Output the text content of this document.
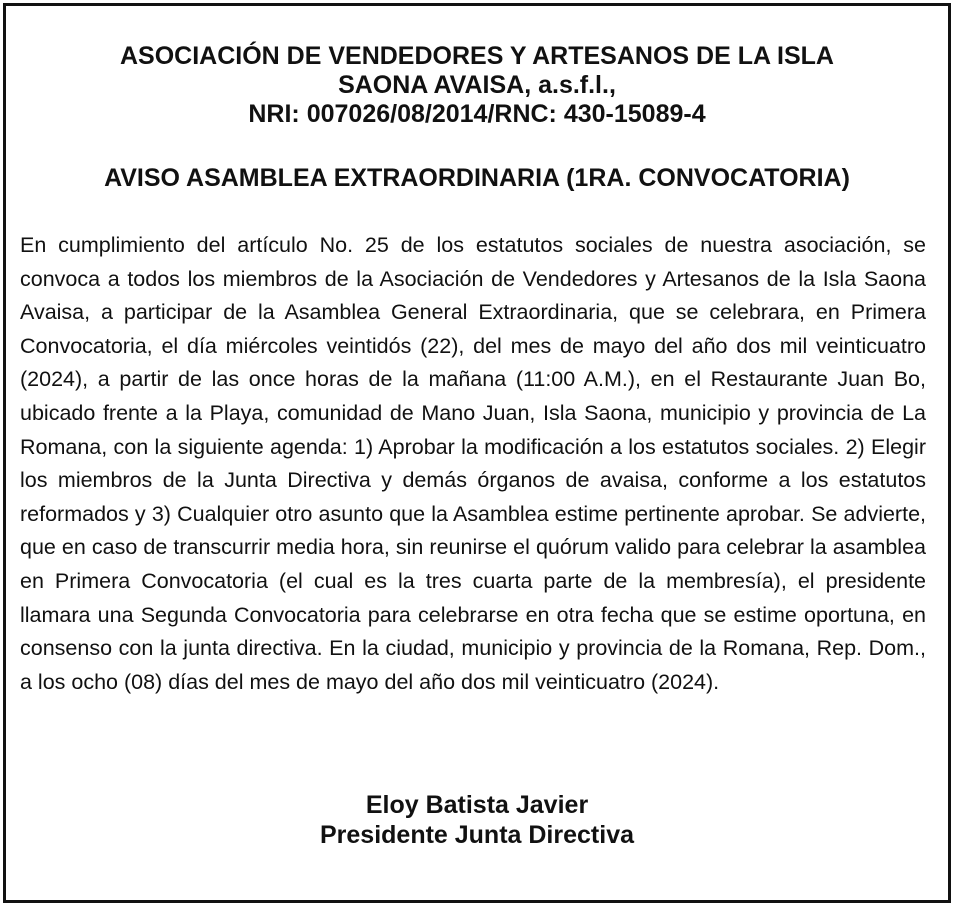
ASOCIACIÓN DE VENDEDORES Y ARTESANOS DE LA ISLA
SAONA AVAISA, a.s.f.l.,
NRI: 007026/08/2014/RNC: 430-15089-4
AVISO ASAMBLEA EXTRAORDINARIA (1RA. CONVOCATORIA)

En cumplimiento del artículo No. 25 de los estatutos sociales de nuestra asociación, se convoca a todos los miembros de la Asociación de Vendedores y Artesanos de la Isla Saona Avaisa, a participar de la Asamblea General Extraordinaria, que se celebrara, en Primera Convocatoria, el día miércoles veintidós (22), del mes de mayo del año dos mil veinticuatro (2024), a partir de las once horas de la mañana (11:00 A.M.), en el Restaurante Juan Bo, ubicado frente a la Playa, comunidad de Mano Juan, Isla Saona, municipio y provincia de La Romana, con la siguiente agenda: 1) Aprobar la modificación a los estatutos sociales. 2) Elegir los miembros de la Junta Directiva y demás órganos de avaisa, conforme a los estatutos reformados y 3) Cualquier otro asunto que la Asamblea estime pertinente aprobar. Se advierte, que en caso de transcurrir media hora, sin reunirse el quórum valido para celebrar la asamblea en Primera Convocatoria (el cual es la tres cuarta parte de la membresía), el presidente llamara una Segunda Convocatoria para celebrarse en otra fecha que se estime oportuna, en consenso con la junta directiva. En la ciudad, municipio y provincia de la Romana, Rep. Dom., a los ocho (08) días del mes de mayo del año dos mil veinticuatro (2024).

Eloy Batista Javier
Presidente Junta Directiva
